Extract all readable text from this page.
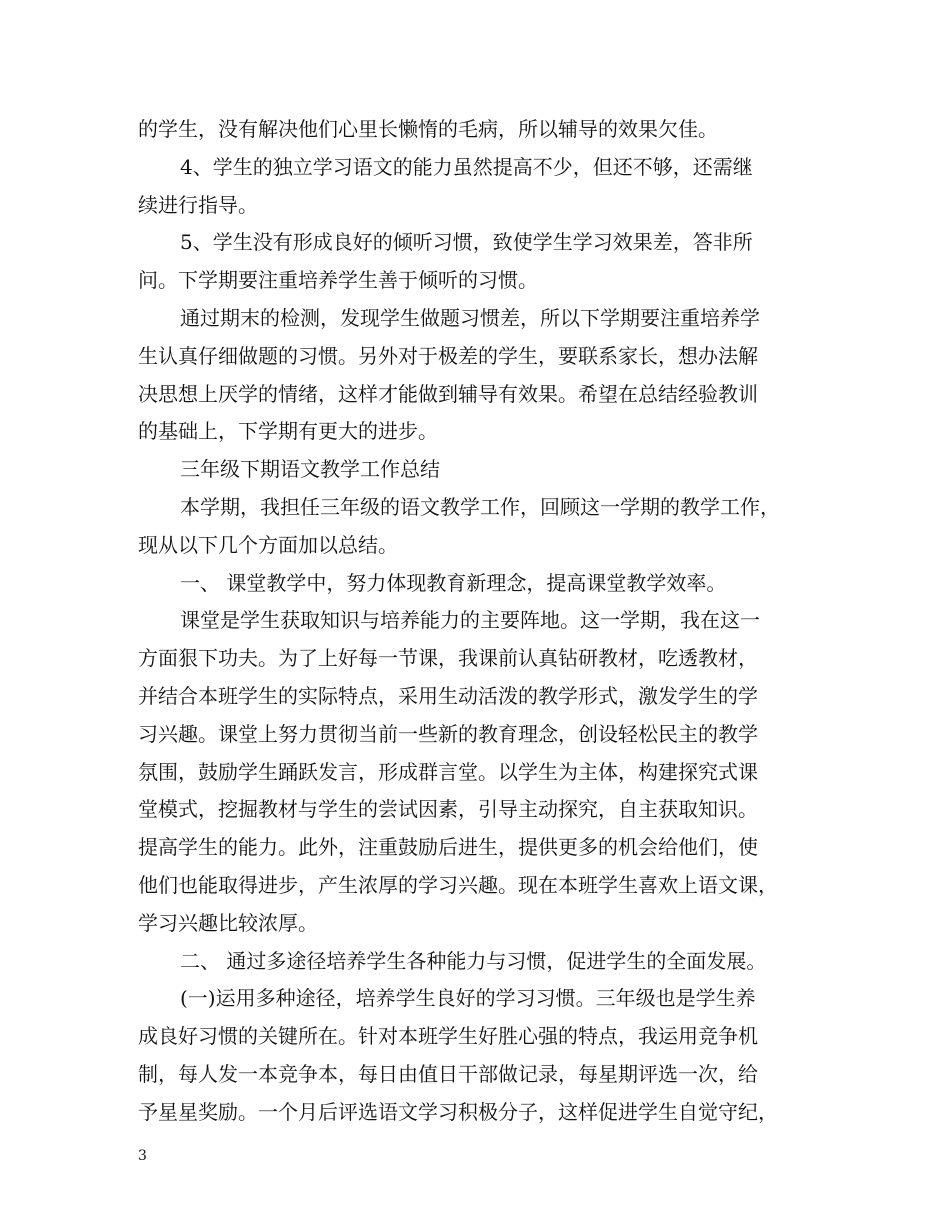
的学生，没有解决他们心里长懒惰的毛病，所以辅导的效果欠佳。
4、学生的独立学习语文的能力虽然提高不少，但还不够，还需继
续进行指导。
5、学生没有形成良好的倾听习惯，致使学生学习效果差，答非所
问。下学期要注重培养学生善于倾听的习惯。
通过期末的检测，发现学生做题习惯差，所以下学期要注重培养学
生认真仔细做题的习惯。另外对于极差的学生，要联系家长，想办法解
决思想上厌学的情绪，这样才能做到辅导有效果。希望在总结经验教训
的基础上，下学期有更大的进步。
三年级下期语文教学工作总结
本学期，我担任三年级的语文教学工作，回顾这一学期的教学工作，
现从以下几个方面加以总结。
一、 课堂教学中，努力体现教育新理念，提高课堂教学效率。
课堂是学生获取知识与培养能力的主要阵地。这一学期，我在这一
方面狠下功夫。为了上好每一节课，我课前认真钻研教材，吃透教材，
并结合本班学生的实际特点，采用生动活泼的教学形式，激发学生的学
习兴趣。课堂上努力贯彻当前一些新的教育理念，创设轻松民主的教学
氛围，鼓励学生踊跃发言，形成群言堂。以学生为主体，构建探究式课
堂模式，挖掘教材与学生的尝试因素，引导主动探究，自主获取知识。
提高学生的能力。此外，注重鼓励后进生，提供更多的机会给他们，使
他们也能取得进步，产生浓厚的学习兴趣。现在本班学生喜欢上语文课，
学习兴趣比较浓厚。
二、 通过多途径培养学生各种能力与习惯，促进学生的全面发展。
(一)运用多种途径，培养学生良好的学习习惯。三年级也是学生养
成良好习惯的关键所在。针对本班学生好胜心强的特点，我运用竞争机
制，每人发一本竞争本，每日由值日干部做记录，每星期评选一次，给
予星星奖励。一个月后评选语文学习积极分子，这样促进学生自觉守纪，
3
